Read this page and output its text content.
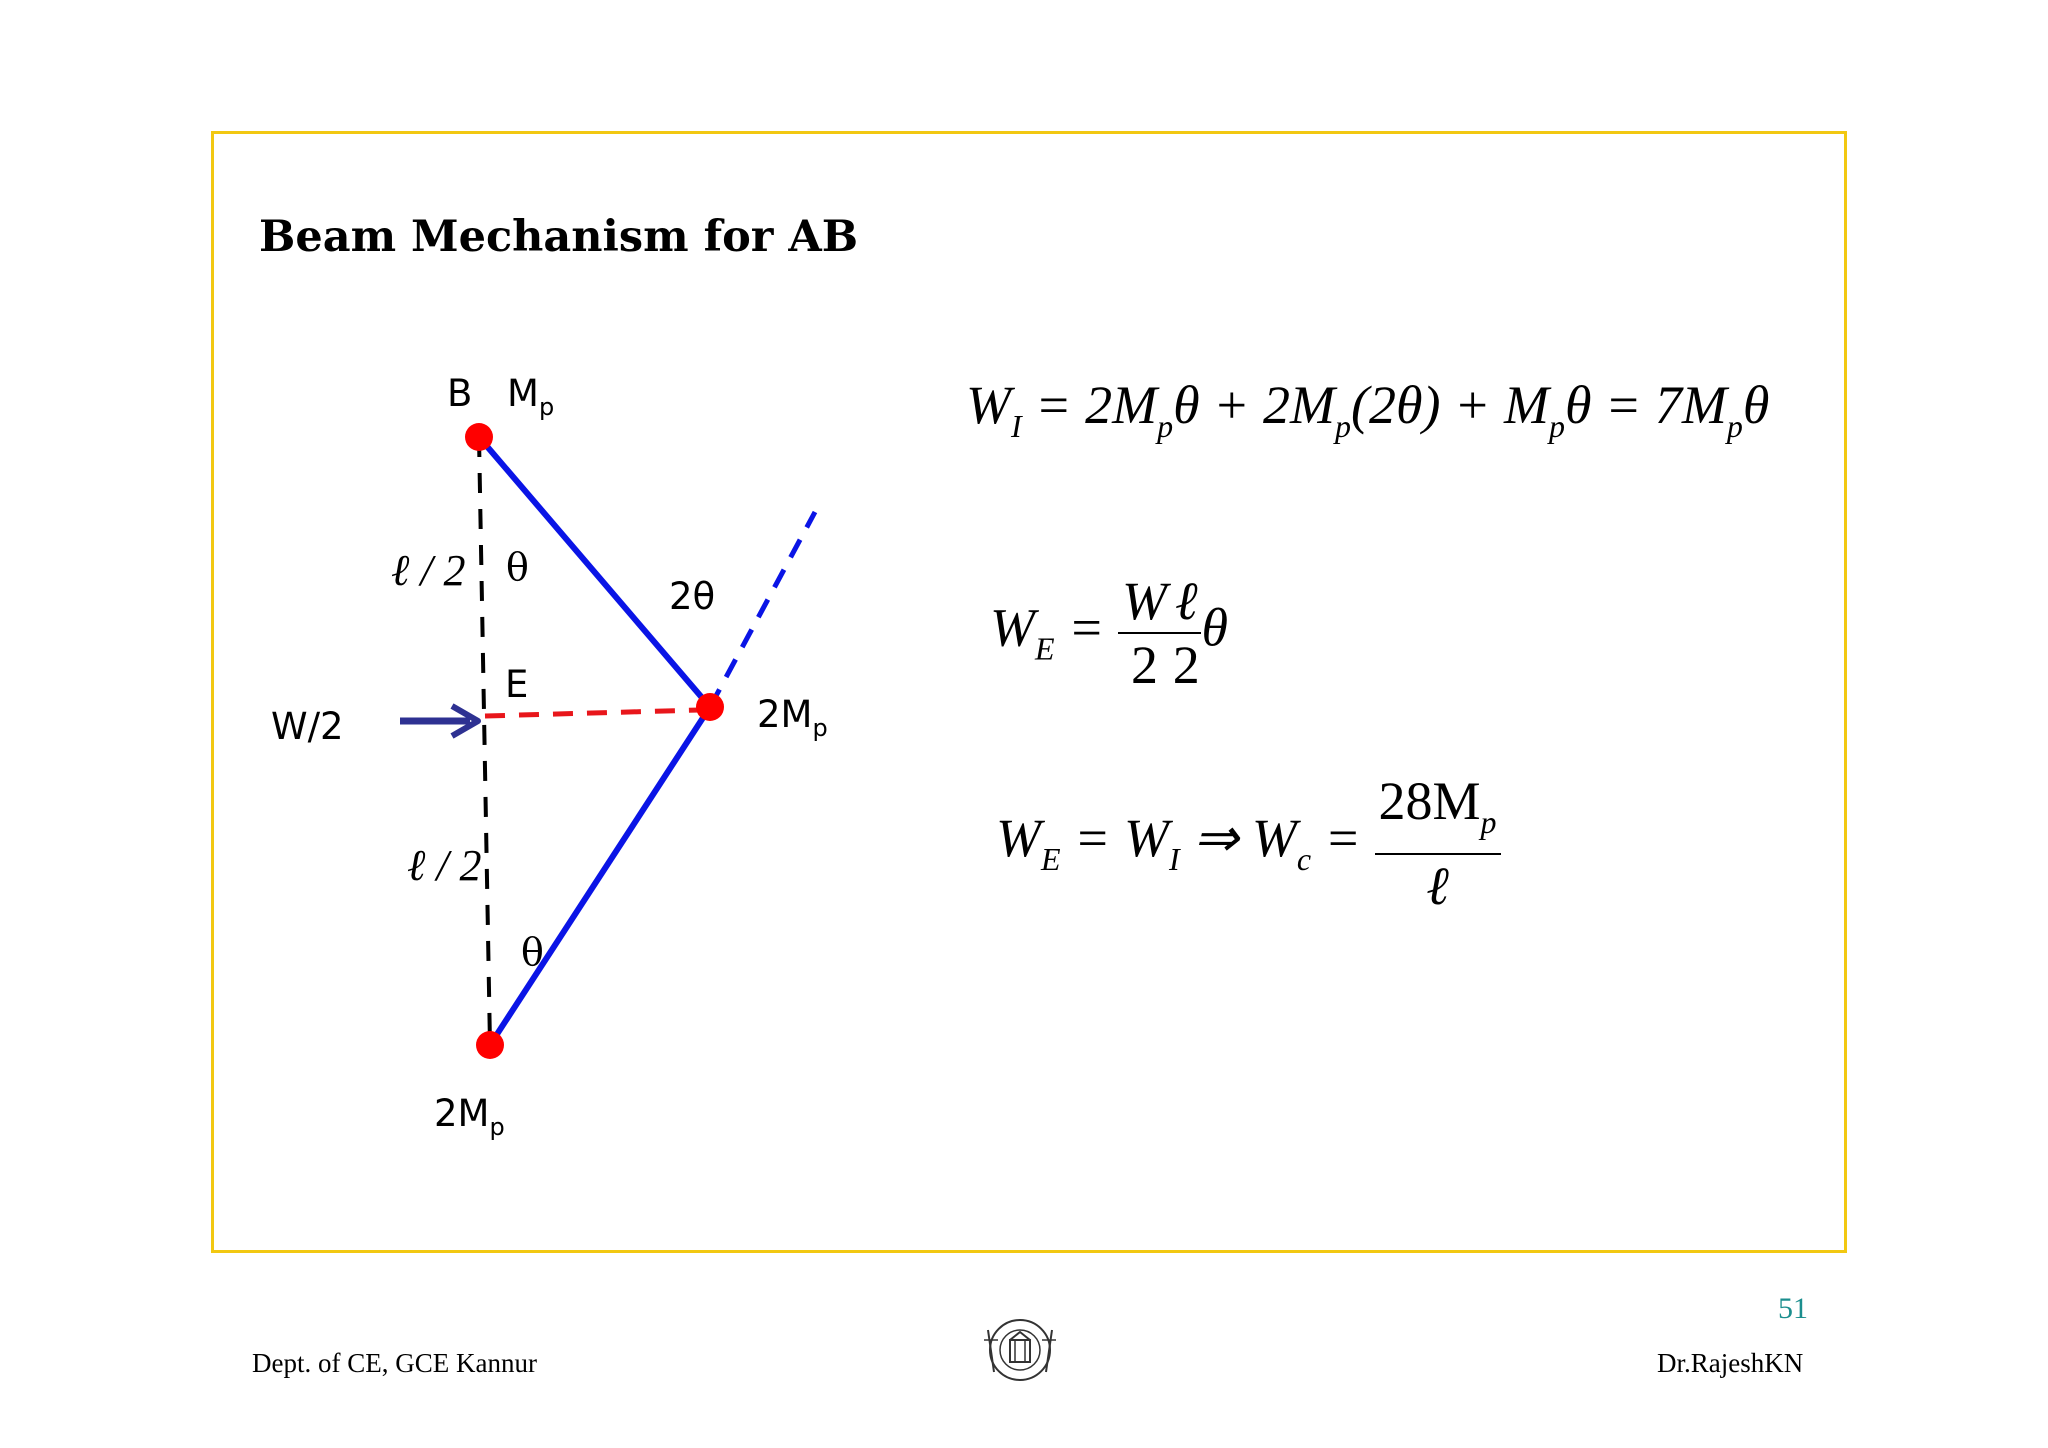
Beam Mechanism for AB
B $M_p$
ℓ / 2 θ
2θ
E
W/2	$2M_p$
ℓ / 2
θ
$2M_p$
$W_I = 2M_p\theta + 2M_p(2\theta) + M_p\theta = 7M_p\theta$
$W_E = \frac{W}{2} \frac{\text{ℓ}}{2}$ θ
$W_E = W_I$ ⇒ $W_c = \frac{28M_p}{\text{ℓ}}$
51
Dept. of CE, GCE Kannur	Dr.RajeshKN
